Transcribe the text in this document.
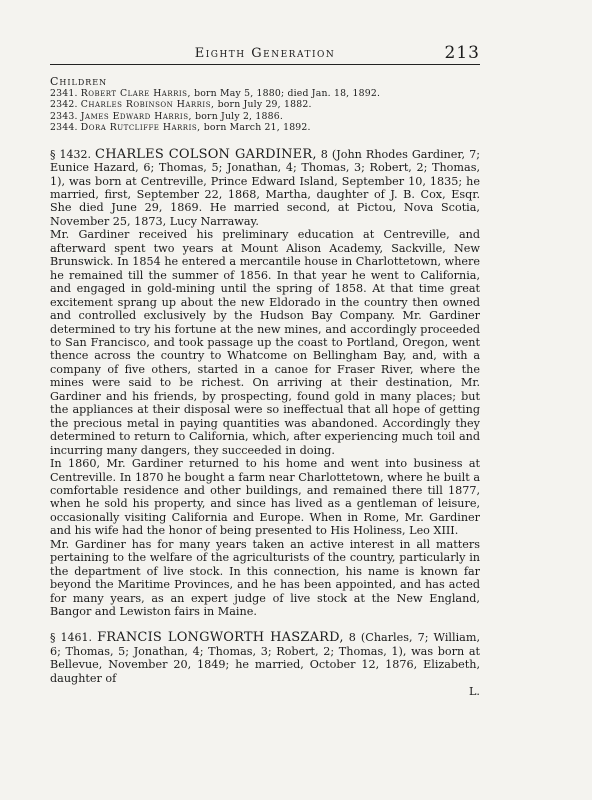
Eighth Generation	213
Children
2341. Robert Clare Harris, born May 5, 1880; died Jan. 18, 1892.
2342. Charles Robinson Harris, born July 29, 1882.
2343. James Edward Harris, born July 2, 1886.
2344. Dora Rutcliffe Harris, born March 21, 1892.

§ 1432. CHARLES COLSON GARDINER, 8 (John Rhodes Gardiner, 7; Eunice Hazard, 6; Thomas, 5; Jonathan, 4; Thomas, 3; Robert, 2; Thomas, 1), was born at Centreville, Prince Edward Island, September 10, 1835; he married, first, September 22, 1868, Martha, daughter of J. B. Cox, Esqr. She died June 29, 1869. He married second, at Pictou, Nova Scotia, November 25, 1873, Lucy Narraway.

Mr. Gardiner received his preliminary education at Centreville, and afterward spent two years at Mount Alison Academy, Sackville, New Brunswick. In 1854 he entered a mercantile house in Charlottetown, where he remained till the summer of 1856. In that year he went to California, and engaged in gold-mining until the spring of 1858. At that time great excitement sprang up about the new Eldorado in the country then owned and controlled exclusively by the Hudson Bay Company. Mr. Gardiner determined to try his fortune at the new mines, and accordingly proceeded to San Francisco, and took passage up the coast to Portland, Oregon, went thence across the country to Whatcome on Bellingham Bay, and, with a company of five others, started in a canoe for Fraser River, where the mines were said to be richest. On arriving at their destination, Mr. Gardiner and his friends, by prospecting, found gold in many places; but the appliances at their disposal were so ineffectual that all hope of getting the precious metal in paying quantities was abandoned. Accordingly they determined to return to California, which, after experiencing much toil and incurring many dangers, they succeeded in doing.

In 1860, Mr. Gardiner returned to his home and went into business at Centreville. In 1870 he bought a farm near Charlottetown, where he built a comfortable residence and other buildings, and remained there till 1877, when he sold his property, and since has lived as a gentleman of leisure, occasionally visiting California and Europe. When in Rome, Mr. Gardiner and his wife had the honor of being presented to His Holiness, Leo XIII.

Mr. Gardiner has for many years taken an active interest in all matters pertaining to the welfare of the agriculturists of the country, particularly in the department of live stock. In this connection, his name is known far beyond the Maritime Provinces, and he has been appointed, and has acted for many years, as an expert judge of live stock at the New England, Bangor and Lewiston fairs in Maine.

§ 1461. FRANCIS LONGWORTH HASZARD, 8 (Charles, 7; William, 6; Thomas, 5; Jonathan, 4; Thomas, 3; Robert, 2; Thomas, 1), was born at Bellevue, November 20, 1849; he married, October 12, 1876, Elizabeth, daughter of

L.
